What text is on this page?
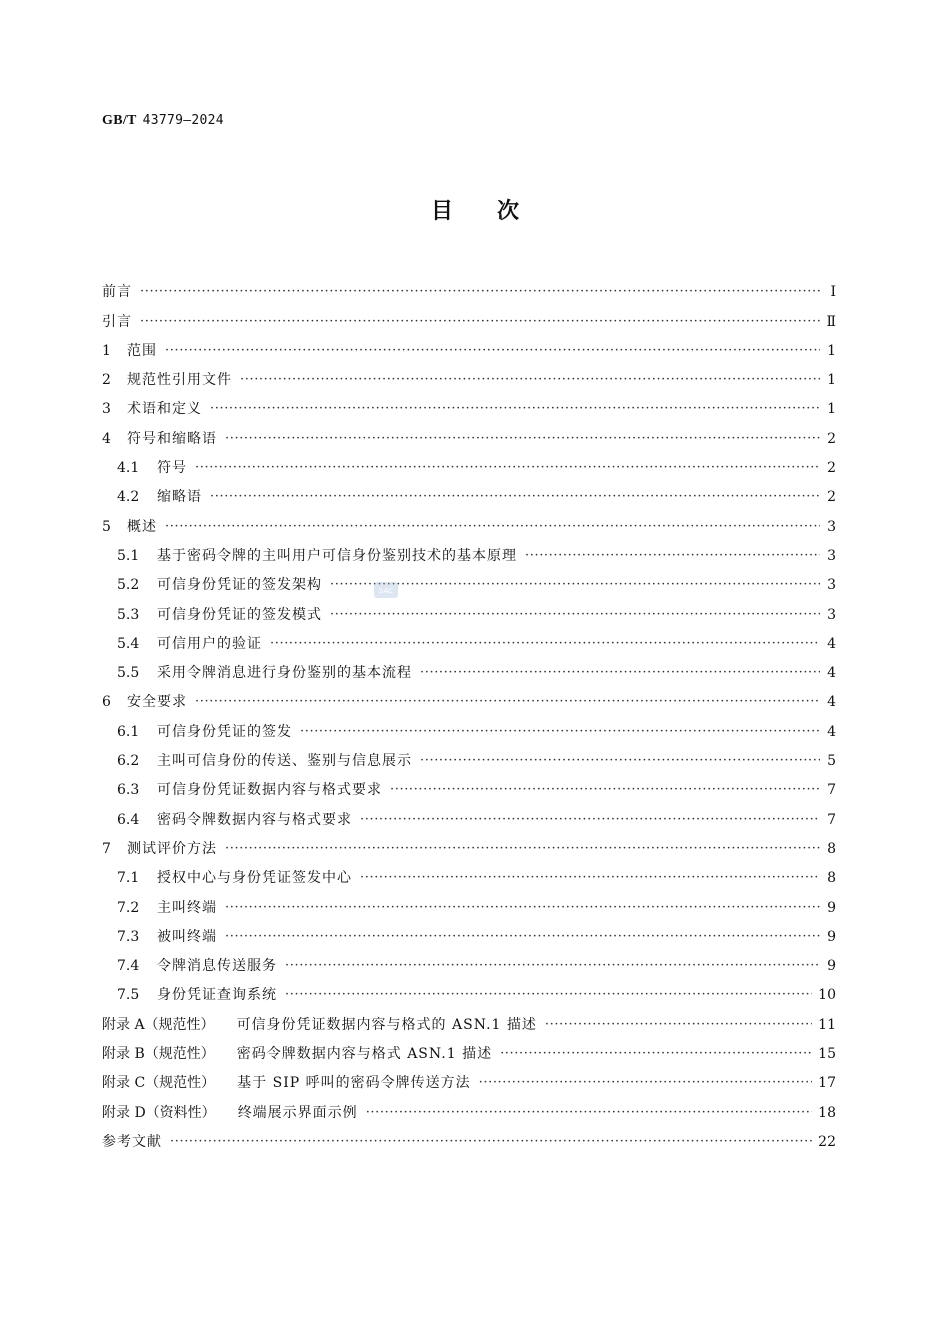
GB/T 43779—2024
目次
前言 ·····	Ⅰ
引言 ·····	Ⅱ
1	范围 ·····	1
2	规范性引用文件 ·····	1
3	术语和定义 ·····	1
4	符号和缩略语 ·····	2
4.1	符号 ·····	2
4.2	缩略语 ·····	2
5	概述 ·····	3
5.1	基于密码令牌的主叫用户可信身份鉴别技术的基本原理 ·····	3
5.2	可信身份凭证的签发架构 ·····	3
5.3	可信身份凭证的签发模式 ·····	3
5.4	可信用户的验证 ·····	4
5.5	采用令牌消息进行身份鉴别的基本流程 ·····	4
6	安全要求 ·····	4
6.1	可信身份凭证的签发 ·····	4
6.2	主叫可信身份的传送、鉴别与信息展示 ·····	5
6.3	可信身份凭证数据内容与格式要求 ·····	7
6.4	密码令牌数据内容与格式要求 ·····	7
7	测试评价方法 ·····	8
7.1	授权中心与身份凭证签发中心 ·····	8
7.2	主叫终端 ·····	9
7.3	被叫终端 ·····	9
7.4	令牌消息传送服务 ·····	9
7.5	身份凭证查询系统 ·····	10
附录 A（规范性） 可信身份凭证数据内容与格式的 ASN.1 描述 ·····	11
附录 B（规范性） 密码令牌数据内容与格式 ASN.1 描述 ·····	15
附录 C（规范性） 基于 SIP 呼叫的密码令牌传送方法 ·····	17
附录 D（资料性） 终端展示界面示例 ·····	18
参考文献 ·····	22
SAC
